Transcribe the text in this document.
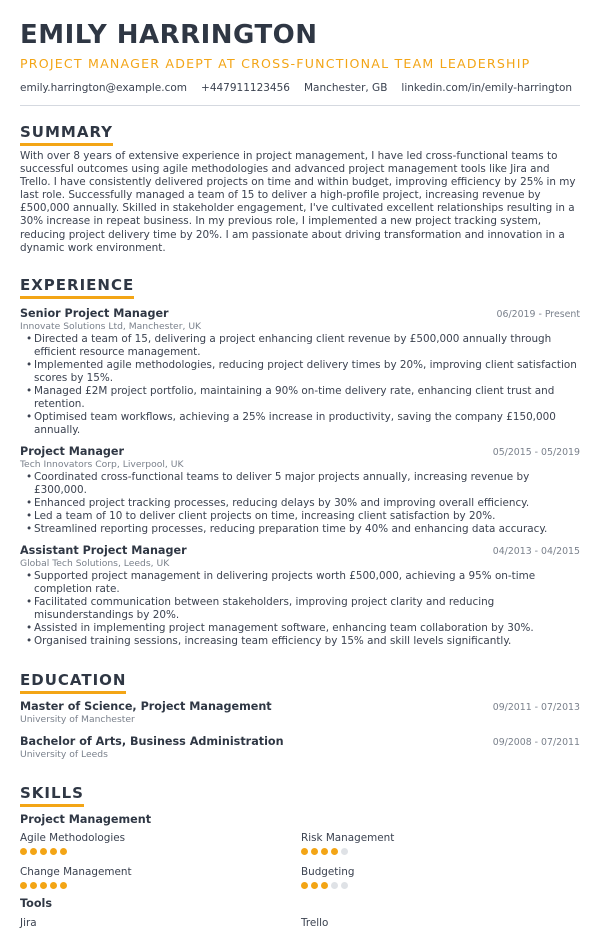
EMILY HARRINGTON
PROJECT MANAGER ADEPT AT CROSS-FUNCTIONAL TEAM LEADERSHIP
emily.harrington@example.com +447911123456 Manchester, GB linkedin.com/in/emily-harrington
SUMMARY
With over 8 years of extensive experience in project management, I have led cross-functional teams to successful outcomes using agile methodologies and advanced project management tools like Jira and Trello. I have consistently delivered projects on time and within budget, improving efficiency by 25% in my last role. Successfully managed a team of 15 to deliver a high-profile project, increasing revenue by £500,000 annually. Skilled in stakeholder engagement, I've cultivated excellent relationships resulting in a 30% increase in repeat business. In my previous role, I implemented a new project tracking system, reducing project delivery time by 20%. I am passionate about driving transformation and innovation in a dynamic work environment.
EXPERIENCE
Senior Project Manager	06/2019 - Present
Innovate Solutions Ltd, Manchester, UK
• Directed a team of 15, delivering a project enhancing client revenue by £500,000 annually through efficient resource management.
• Implemented agile methodologies, reducing project delivery times by 20%, improving client satisfaction scores by 15%.
• Managed £2M project portfolio, maintaining a 90% on-time delivery rate, enhancing client trust and retention.
• Optimised team workflows, achieving a 25% increase in productivity, saving the company £150,000 annually.
Project Manager	05/2015 - 05/2019
Tech Innovators Corp, Liverpool, UK
• Coordinated cross-functional teams to deliver 5 major projects annually, increasing revenue by £300,000.
• Enhanced project tracking processes, reducing delays by 30% and improving overall efficiency.
• Led a team of 10 to deliver client projects on time, increasing client satisfaction by 20%.
• Streamlined reporting processes, reducing preparation time by 40% and enhancing data accuracy.
Assistant Project Manager	04/2013 - 04/2015
Global Tech Solutions, Leeds, UK
• Supported project management in delivering projects worth £500,000, achieving a 95% on-time completion rate.
• Facilitated communication between stakeholders, improving project clarity and reducing misunderstandings by 20%.
• Assisted in implementing project management software, enhancing team collaboration by 30%.
• Organised training sessions, increasing team efficiency by 15% and skill levels significantly.
EDUCATION
Master of Science, Project Management	09/2011 - 07/2013
University of Manchester
Bachelor of Arts, Business Administration	09/2008 - 07/2011
University of Leeds
SKILLS
Project Management
Agile Methodologies	Risk Management
Change Management	Budgeting
Tools
Jira	Trello
